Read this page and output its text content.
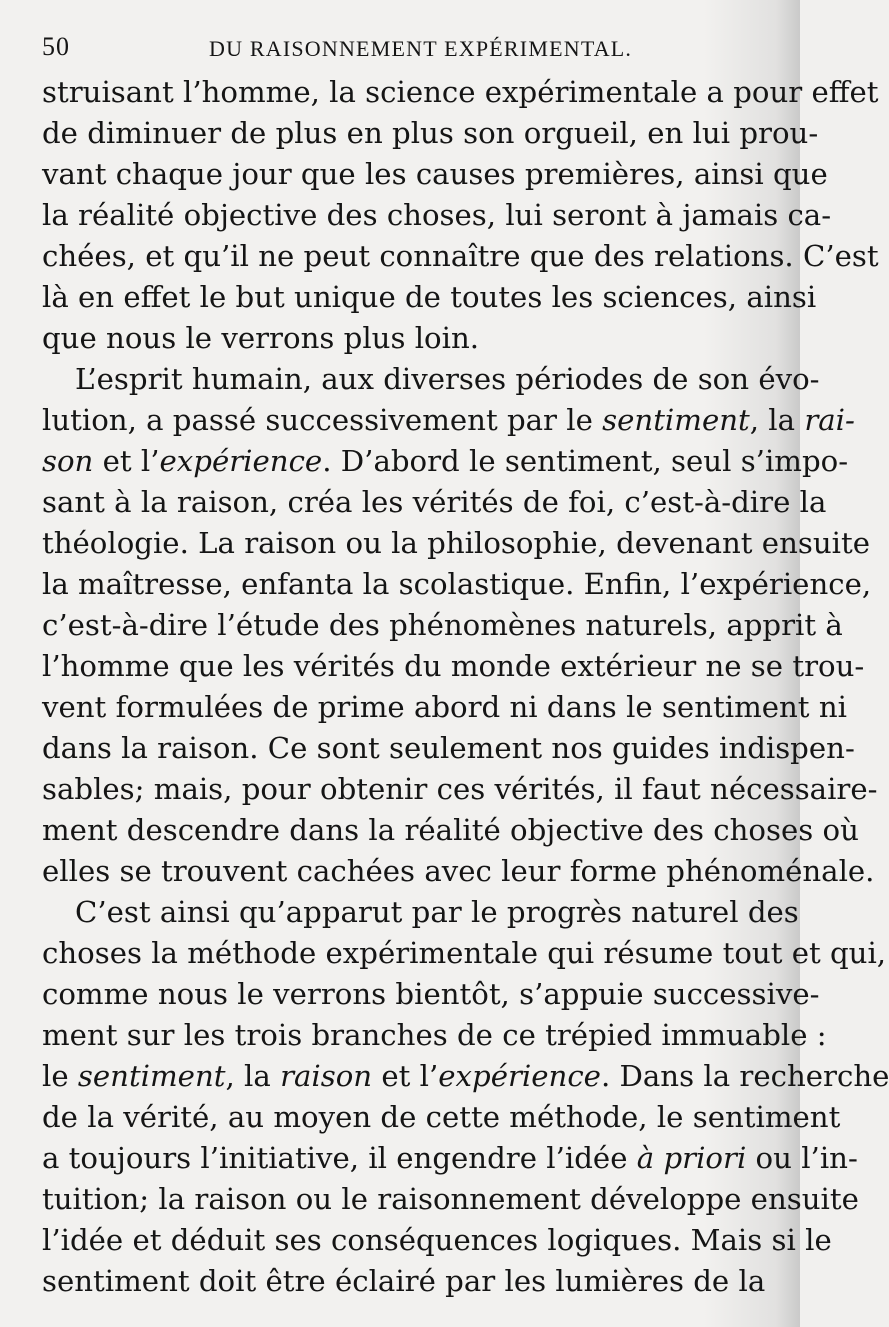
50	DU RAISONNEMENT EXPÉRIMENTAL.
struisant l’homme, la science expérimentale a pour effet
de diminuer de plus en plus son orgueil, en lui prou-
vant chaque jour que les causes premières, ainsi que
la réalité objective des choses, lui seront à jamais ca-
chées, et qu’il ne peut connaître que des relations. C’est
là en effet le but unique de toutes les sciences, ainsi
que nous le verrons plus loin.
L’esprit humain, aux diverses périodes de son évo-
lution, a passé successivement par le sentiment, la rai-
son et l’expérience. D’abord le sentiment, seul s’impo-
sant à la raison, créa les vérités de foi, c’est-à-dire la
théologie. La raison ou la philosophie, devenant ensuite
la maîtresse, enfanta la scolastique. Enfin, l’expérience,
c’est-à-dire l’étude des phénomènes naturels, apprit à
l’homme que les vérités du monde extérieur ne se trou-
vent formulées de prime abord ni dans le sentiment ni
dans la raison. Ce sont seulement nos guides indispen-
sables; mais, pour obtenir ces vérités, il faut nécessaire-
ment descendre dans la réalité objective des choses où
elles se trouvent cachées avec leur forme phénoménale.
C’est ainsi qu’apparut par le progrès naturel des
choses la méthode expérimentale qui résume tout et qui,
comme nous le verrons bientôt, s’appuie successive-
ment sur les trois branches de ce trépied immuable :
le sentiment, la raison et l’expérience. Dans la recherche
de la vérité, au moyen de cette méthode, le sentiment
a toujours l’initiative, il engendre l’idée à priori ou l’in-
tuition; la raison ou le raisonnement développe ensuite
l’idée et déduit ses conséquences logiques. Mais si le
sentiment doit être éclairé par les lumières de la
